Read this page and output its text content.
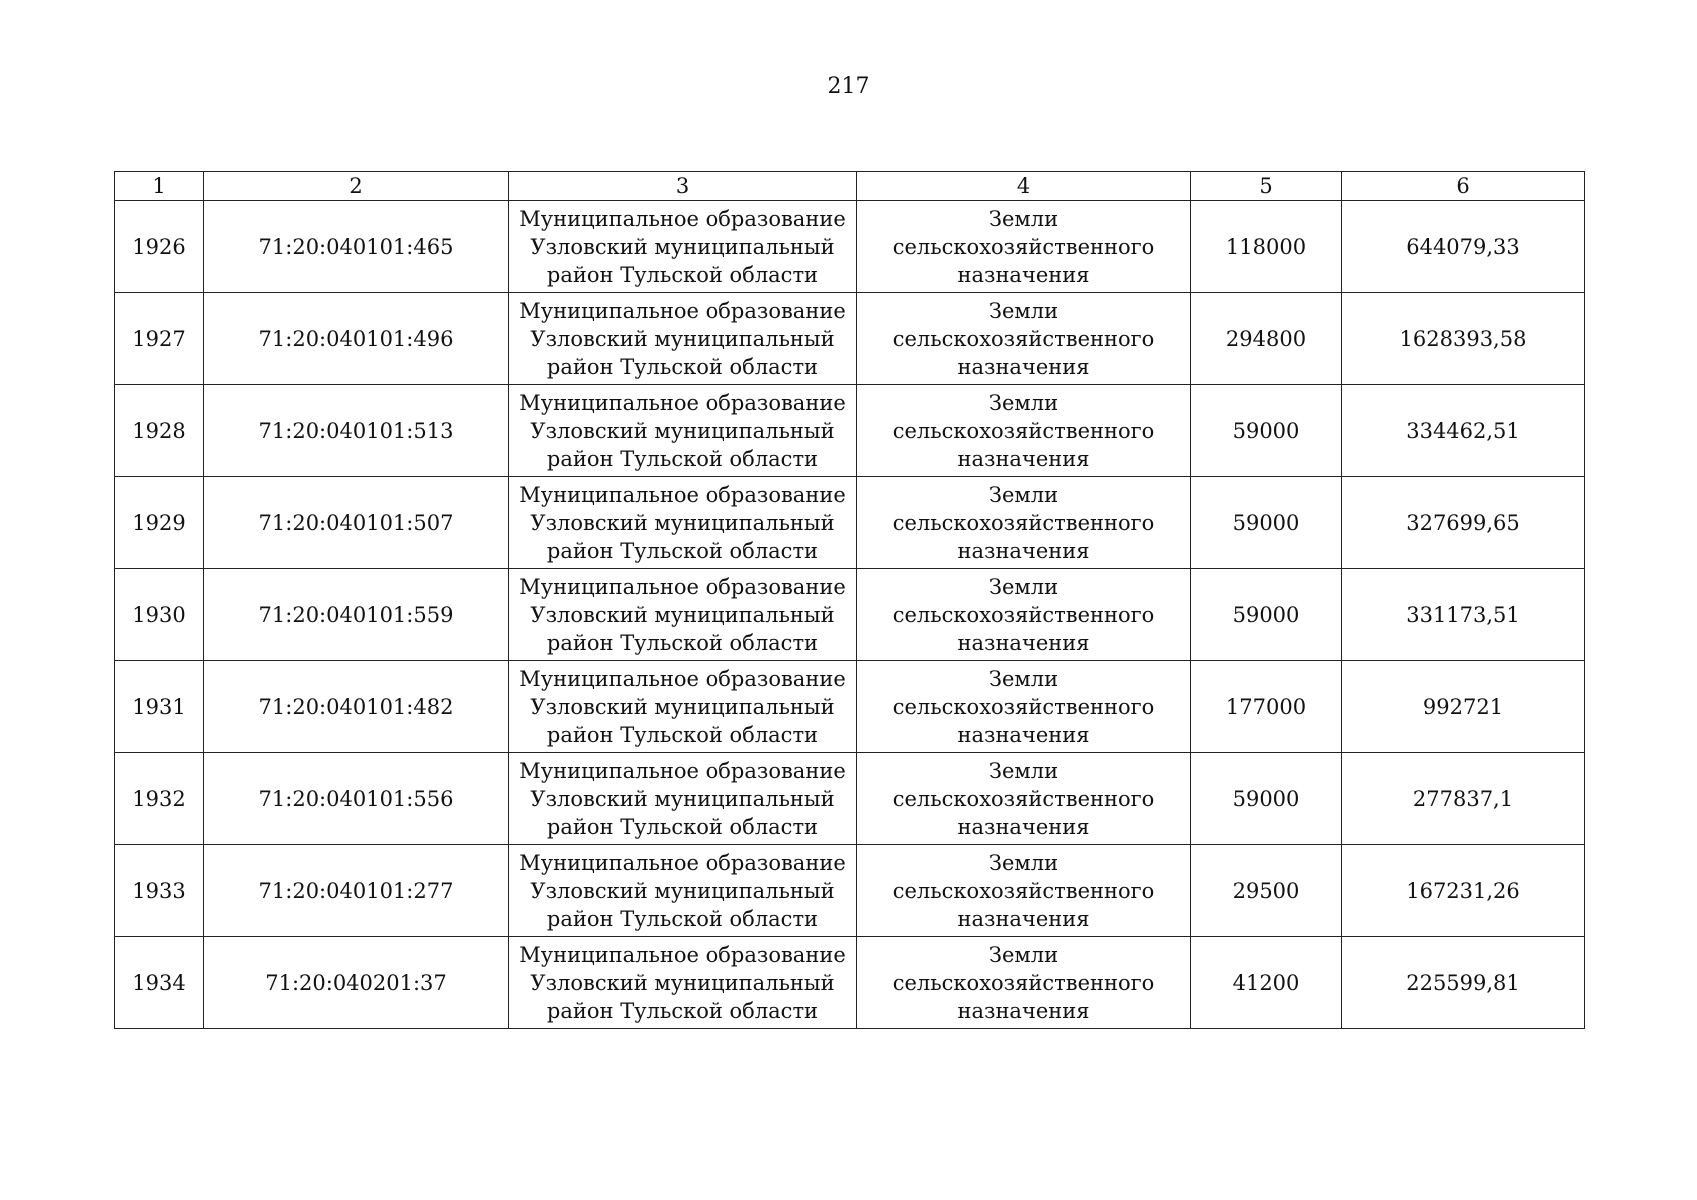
217
1	2	3	4	5	6

1926	71:20:040101:465	Муниципальное образование
Узловский муниципальный
район Тульской области	Земли
сельскохозяйственного
назначения	118000	644079,33

1927	71:20:040101:496	Муниципальное образование
Узловский муниципальный
район Тульской области	Земли
сельскохозяйственного
назначения	294800	1628393,58

1928	71:20:040101:513	Муниципальное образование
Узловский муниципальный
район Тульской области	Земли
сельскохозяйственного
назначения	59000	334462,51

1929	71:20:040101:507	Муниципальное образование
Узловский муниципальный
район Тульской области	Земли
сельскохозяйственного
назначения	59000	327699,65

1930	71:20:040101:559	Муниципальное образование
Узловский муниципальный
район Тульской области	Земли
сельскохозяйственного
назначения	59000	331173,51

1931	71:20:040101:482	Муниципальное образование
Узловский муниципальный
район Тульской области	Земли
сельскохозяйственного
назначения	177000	992721

1932	71:20:040101:556	Муниципальное образование
Узловский муниципальный
район Тульской области	Земли
сельскохозяйственного
назначения	59000	277837,1

1933	71:20:040101:277	Муниципальное образование
Узловский муниципальный
район Тульской области	Земли
сельскохозяйственного
назначения	29500	167231,26

1934	71:20:040201:37	Муниципальное образование
Узловский муниципальный
район Тульской области	Земли
сельскохозяйственного
назначения	41200	225599,81
